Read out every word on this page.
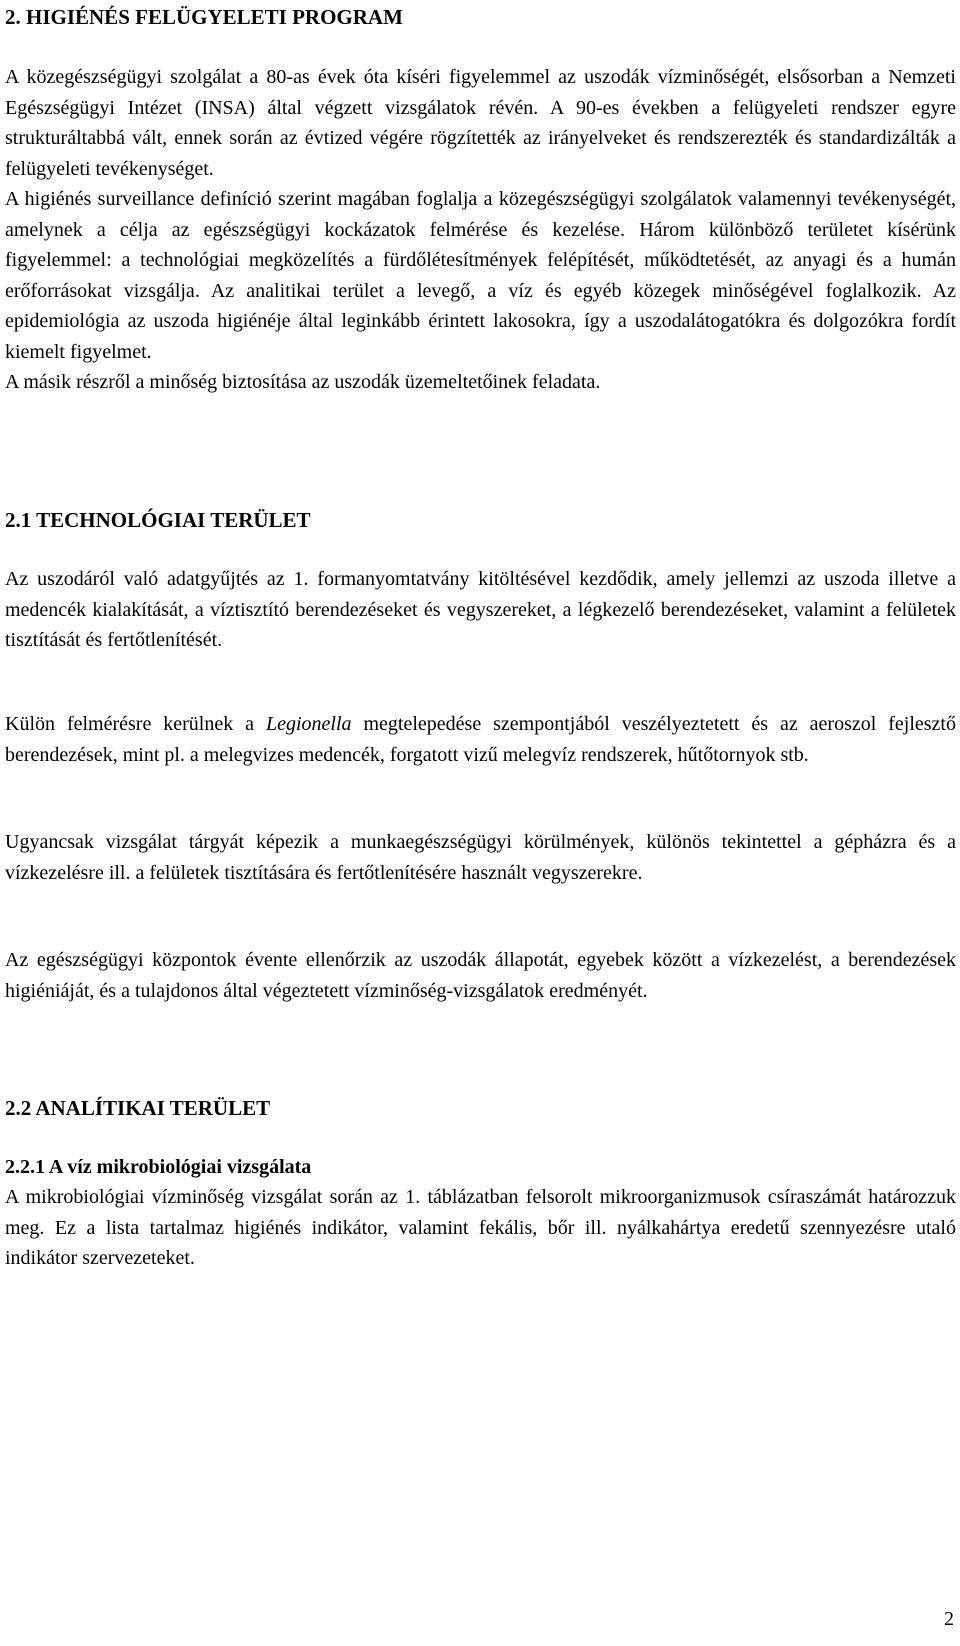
2. HIGIÉNÉS FELÜGYELETI PROGRAM

A közegészségügyi szolgálat a 80-as évek óta kíséri figyelemmel az uszodák vízminőségét, elsősorban a Nemzeti Egészségügyi Intézet (INSA) által végzett vizsgálatok révén. A 90-es években a felügyeleti rendszer egyre strukturáltabbá vált, ennek során az évtized végére rögzítették az irányelveket és rendszerezték és standardizálták a felügyeleti tevékenységet.

A higiénés surveillance definíció szerint magában foglalja a közegészségügyi szolgálatok valamennyi tevékenységét, amelynek a célja az egészségügyi kockázatok felmérése és kezelése. Három különböző területet kísérünk figyelemmel: a technológiai megközelítés a fürdőlétesítmények felépítését, működtetését, az anyagi és a humán erőforrásokat vizsgálja. Az analitikai terület a levegő, a víz és egyéb közegek minőségével foglalkozik. Az epidemiológia az uszoda higiénéje által leginkább érintett lakosokra, így a uszodalátogatókra és dolgozókra fordít kiemelt figyelmet.

A másik részről a minőség biztosítása az uszodák üzemeltetőinek feladata.

2.1 TECHNOLÓGIAI TERÜLET

Az uszodáról való adatgyűjtés az 1. formanyomtatvány kitöltésével kezdődik, amely jellemzi az uszoda illetve a medencék kialakítását, a víztisztító berendezéseket és vegyszereket, a légkezelő berendezéseket, valamint a felületek tisztítását és fertőtlenítését.

Külön felmérésre kerülnek a Legionella megtelepedése szempontjából veszélyeztetett és az aeroszol fejlesztő berendezések, mint pl. a melegvizes medencék, forgatott vizű melegvíz rendszerek, hűtőtornyok stb.

Ugyancsak vizsgálat tárgyát képezik a munkaegészségügyi körülmények, különös tekintettel a gépházra és a vízkezelésre ill. a felületek tisztítására és fertőtlenítésére használt vegyszerekre.

Az egészségügyi központok évente ellenőrzik az uszodák állapotát, egyebek között a vízkezelést, a berendezések higiéniáját, és a tulajdonos által végeztetett vízminőség-vizsgálatok eredményét.

2.2 ANALÍTIKAI TERÜLET
2.2.1 A víz mikrobiológiai vizsgálata

A mikrobiológiai vízminőség vizsgálat során az 1. táblázatban felsorolt mikroorganizmusok csíraszámát határozzuk meg. Ez a lista tartalmaz higiénés indikátor, valamint fekális, bőr ill. nyálkahártya eredetű szennyezésre utaló indikátor szervezeteket.

2
